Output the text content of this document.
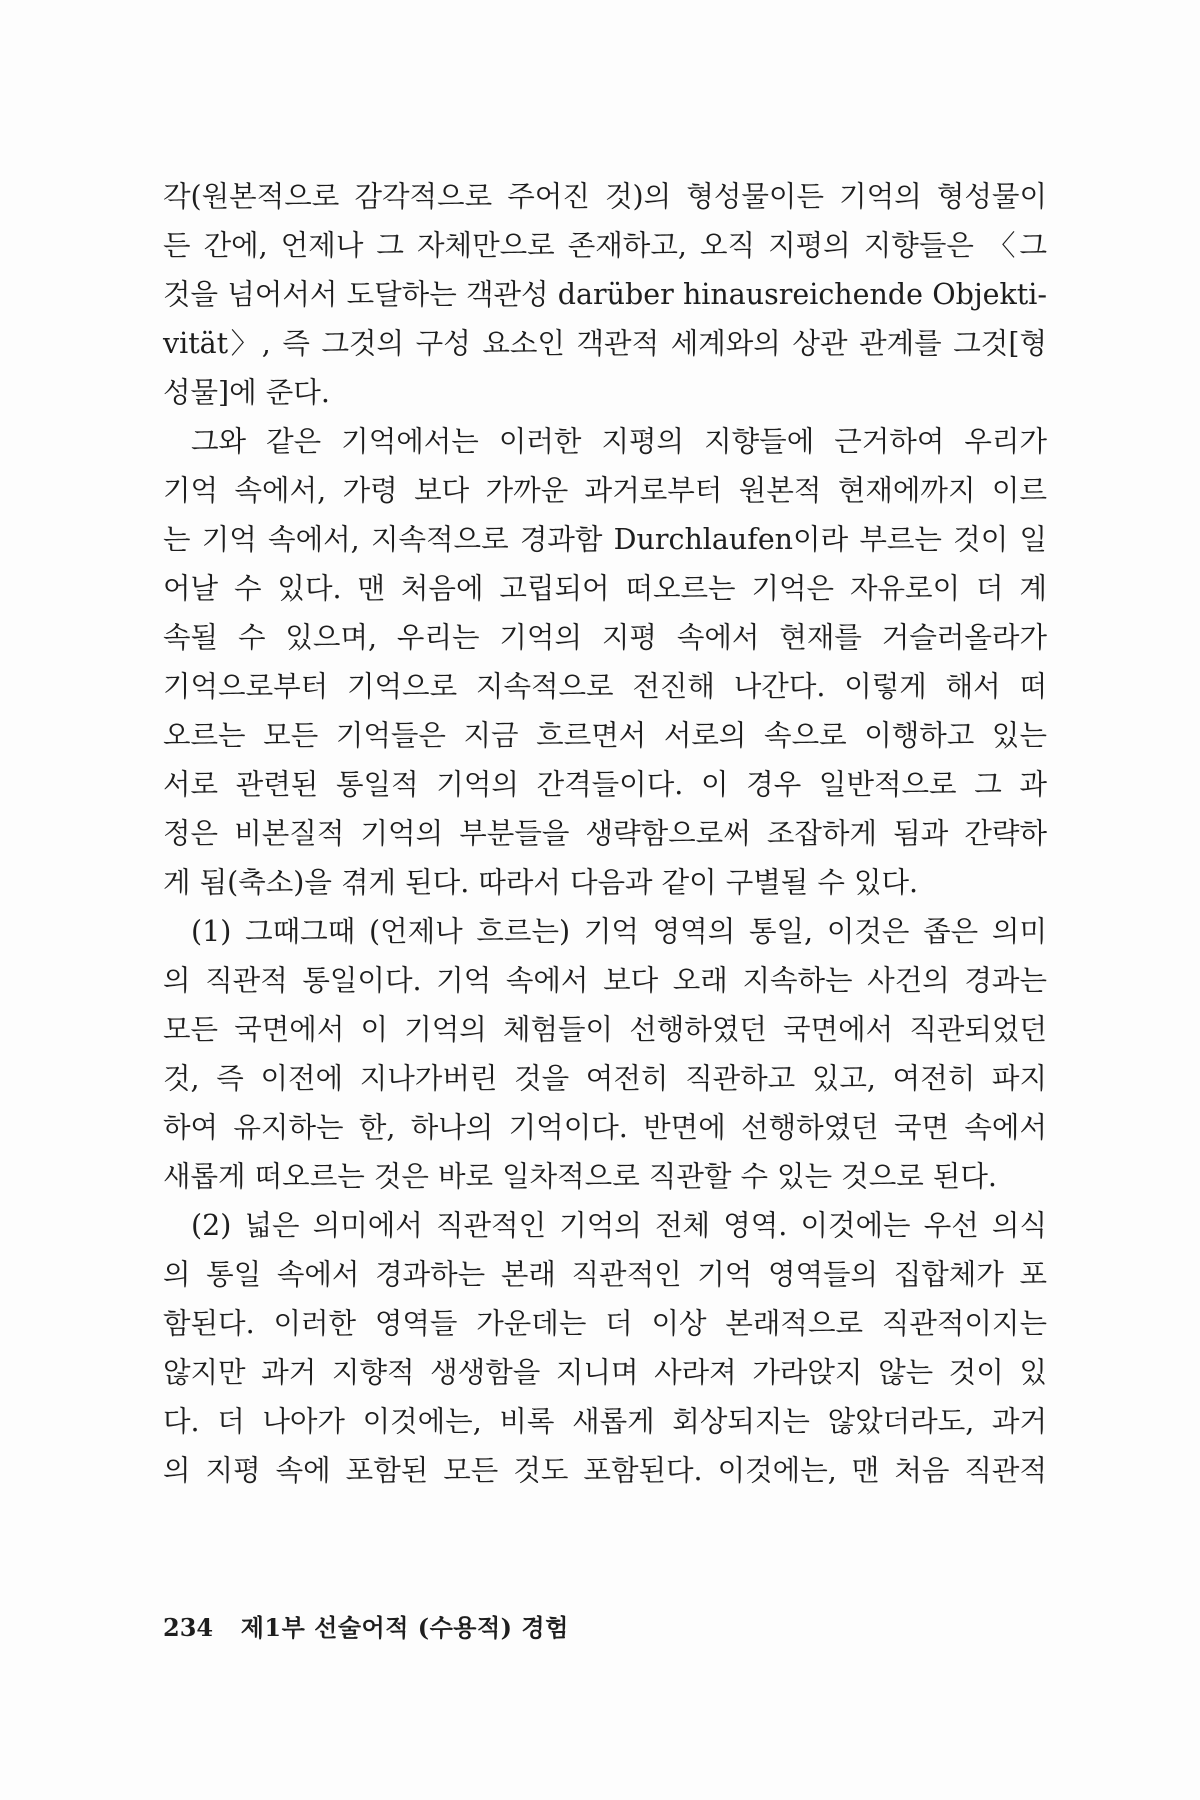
각(원본적으로 감각적으로 주어진 것)의 형성물이든 기억의 형성물이
든 간에, 언제나 그 자체만으로 존재하고, 오직 지평의 지향들은 〈그
것을 넘어서서 도달하는 객관성 darüber hinausreichende Objekti-
vität〉, 즉 그것의 구성 요소인 객관적 세계와의 상관 관계를 그것[형
성물]에 준다.
그와 같은 기억에서는 이러한 지평의 지향들에 근거하여 우리가
기억 속에서, 가령 보다 가까운 과거로부터 원본적 현재에까지 이르
는 기억 속에서, 지속적으로 경과함 Durchlaufen이라 부르는 것이 일
어날 수 있다. 맨 처음에 고립되어 떠오르는 기억은 자유로이 더 계
속될 수 있으며, 우리는 기억의 지평 속에서 현재를 거슬러올라가
기억으로부터 기억으로 지속적으로 전진해 나간다. 이렇게 해서 떠
오르는 모든 기억들은 지금 흐르면서 서로의 속으로 이행하고 있는
서로 관련된 통일적 기억의 간격들이다. 이 경우 일반적으로 그 과
정은 비본질적 기억의 부분들을 생략함으로써 조잡하게 됨과 간략하
게 됨(축소)을 겪게 된다. 따라서 다음과 같이 구별될 수 있다.
(1) 그때그때 (언제나 흐르는) 기억 영역의 통일, 이것은 좁은 의미
의 직관적 통일이다. 기억 속에서 보다 오래 지속하는 사건의 경과는
모든 국면에서 이 기억의 체험들이 선행하였던 국면에서 직관되었던
것, 즉 이전에 지나가버린 것을 여전히 직관하고 있고, 여전히 파지
하여 유지하는 한, 하나의 기억이다. 반면에 선행하였던 국면 속에서
새롭게 떠오르는 것은 바로 일차적으로 직관할 수 있는 것으로 된다.
(2) 넓은 의미에서 직관적인 기억의 전체 영역. 이것에는 우선 의식
의 통일 속에서 경과하는 본래 직관적인 기억 영역들의 집합체가 포
함된다. 이러한 영역들 가운데는 더 이상 본래적으로 직관적이지는
않지만 과거 지향적 생생함을 지니며 사라져 가라앉지 않는 것이 있
다. 더 나아가 이것에는, 비록 새롭게 회상되지는 않았더라도, 과거
의 지평 속에 포함된 모든 것도 포함된다. 이것에는, 맨 처음 직관적
234 제1부 선술어적 (수용적) 경험
